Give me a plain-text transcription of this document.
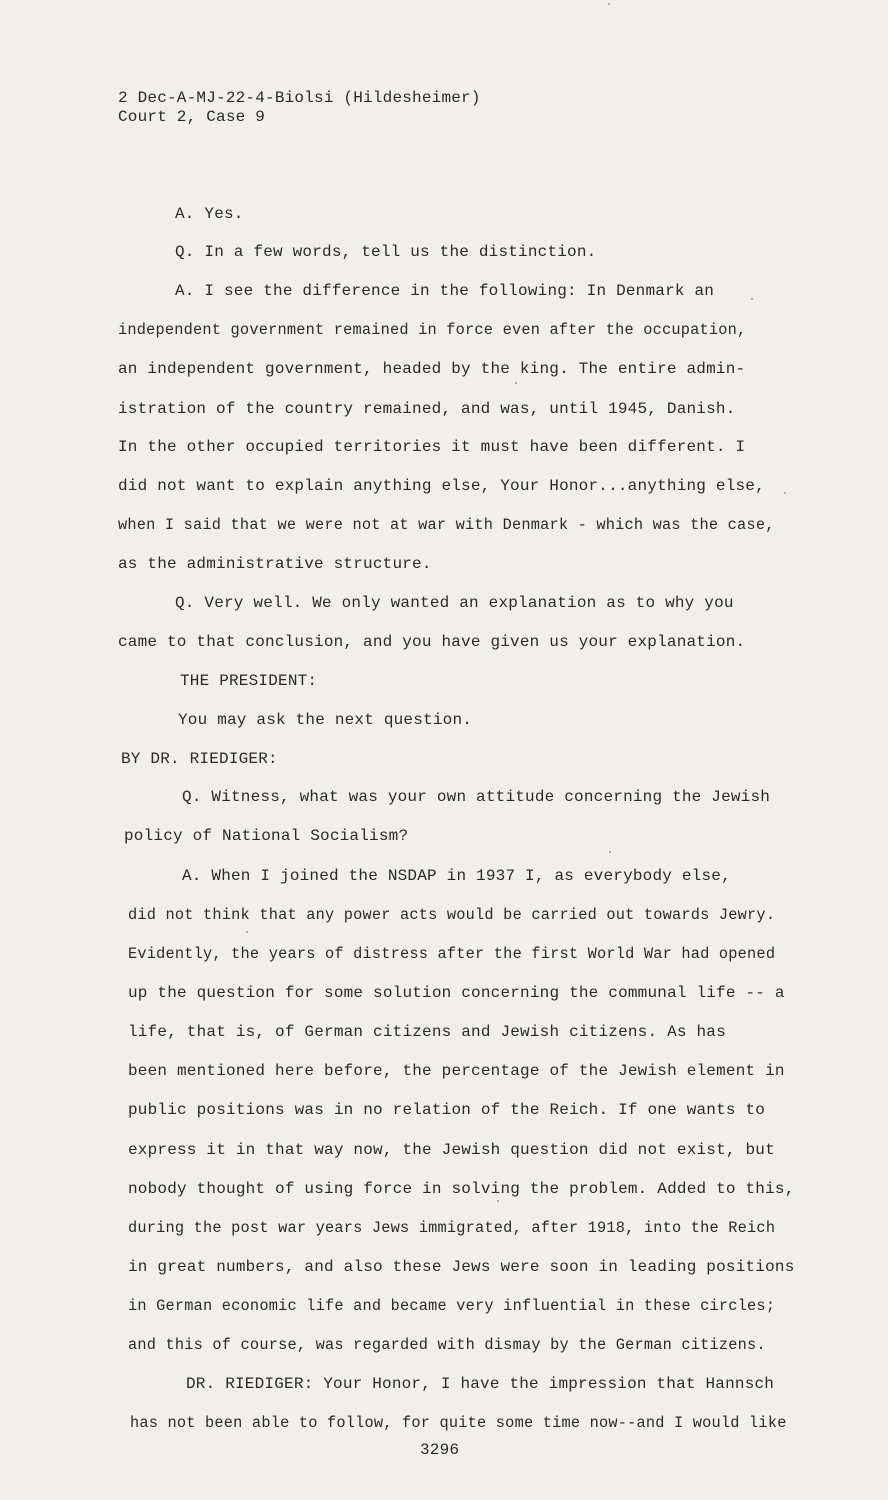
2 Dec-A-MJ-22-4-Biolsi (Hildesheimer)
Court 2, Case 9
A. Yes.
Q. In a few words, tell us the distinction.
A. I see the difference in the following: In Denmark an
independent government remained in force even after the occupation,
an independent government, headed by the king. The entire admin-
istration of the country remained, and was, until 1945, Danish.
In the other occupied territories it must have been different. I
did not want to explain anything else, Your Honor...anything else,
when I said that we were not at war with Denmark - which was the case,
as the administrative structure.
Q. Very well. We only wanted an explanation as to why you
came to that conclusion, and you have given us your explanation.
THE PRESIDENT:
You may ask the next question.
BY DR. RIEDIGER:
Q. Witness, what was your own attitude concerning the Jewish
policy of National Socialism?
A. When I joined the NSDAP in 1937 I, as everybody else,
did not think that any power acts would be carried out towards Jewry.
Evidently, the years of distress after the first World War had opened
up the question for some solution concerning the communal life -- a
life, that is, of German citizens and Jewish citizens. As has
been mentioned here before, the percentage of the Jewish element in
public positions was in no relation of the Reich. If one wants to
express it in that way now, the Jewish question did not exist, but
nobody thought of using force in solving the problem. Added to this,
during the post war years Jews immigrated, after 1918, into the Reich
in great numbers, and also these Jews were soon in leading positions
in German economic life and became very influential in these circles;
and this of course, was regarded with dismay by the German citizens.
DR. RIEDIGER: Your Honor, I have the impression that Hannsch
has not been able to follow, for quite some time now--and I would like
3296
